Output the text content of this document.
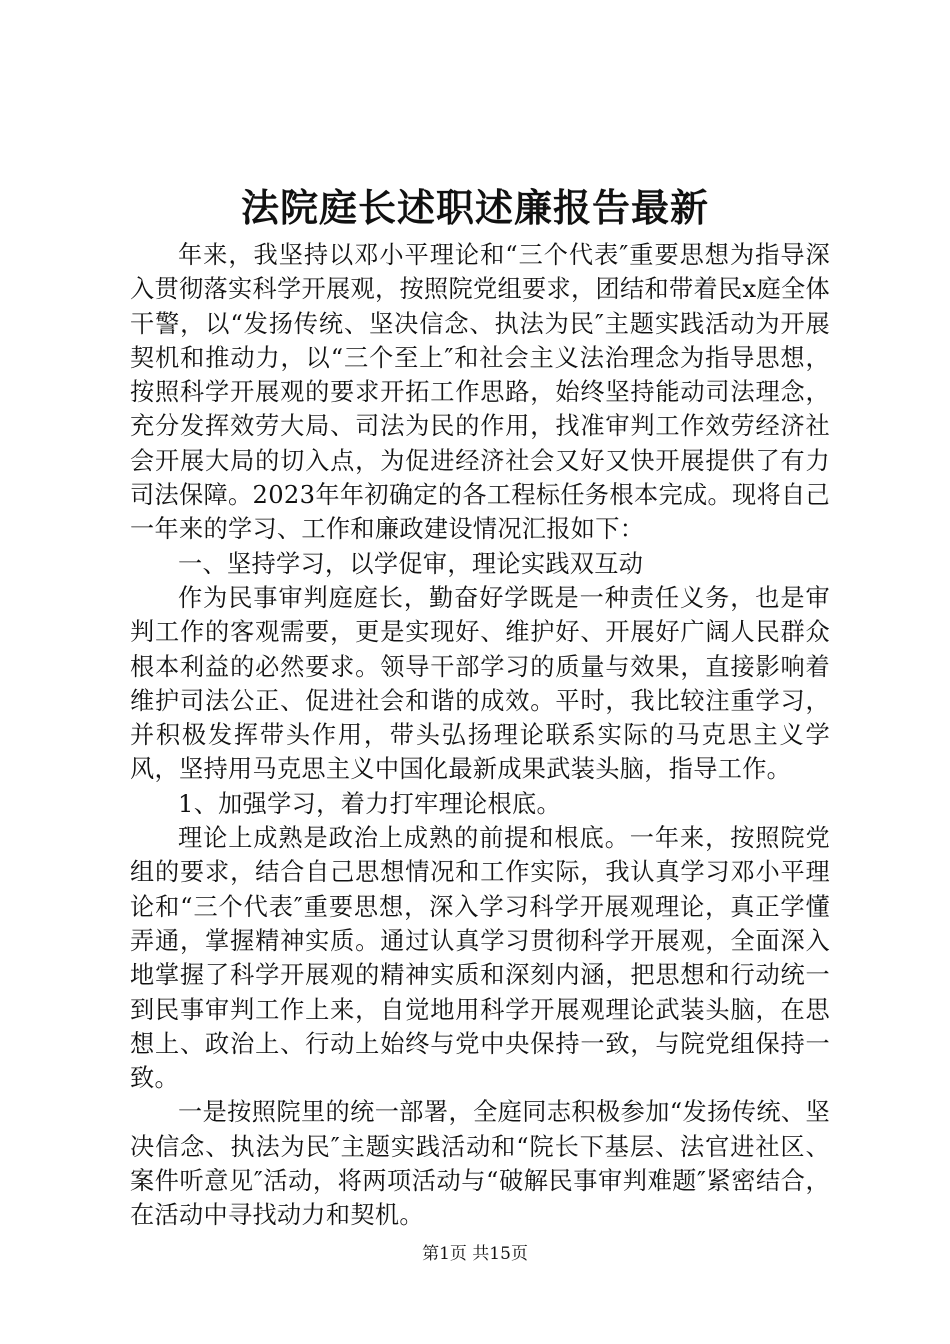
法院庭长述职述廉报告最新

年来，我坚持以邓小平理论和“三个代表″重要思想为指导深入贯彻落实科学开展观，按照院党组要求，团结和带着民x庭全体干警，以“发扬传统、坚决信念、执法为民″主题实践活动为开展契机和推动力，以“三个至上″和社会主义法治理念为指导思想，按照科学开展观的要求开拓工作思路，始终坚持能动司法理念，充分发挥效劳大局、司法为民的作用，找准审判工作效劳经济社会开展大局的切入点，为促进经济社会又好又快开展提供了有力司法保障。2023年年初确定的各工程标任务根本完成。现将自己一年来的学习、工作和廉政建设情况汇报如下：

一、坚持学习，以学促审，理论实践双互动

作为民事审判庭庭长，勤奋好学既是一种责任义务，也是审判工作的客观需要，更是实现好、维护好、开展好广阔人民群众根本利益的必然要求。领导干部学习的质量与效果，直接影响着维护司法公正、促进社会和谐的成效。平时，我比较注重学习，并积极发挥带头作用，带头弘扬理论联系实际的马克思主义学风，坚持用马克思主义中国化最新成果武装头脑，指导工作。

1、加强学习，着力打牢理论根底。

理论上成熟是政治上成熟的前提和根底。一年来，按照院党组的要求，结合自己思想情况和工作实际，我认真学习邓小平理论和“三个代表″重要思想，深入学习科学开展观理论，真正学懂弄通，掌握精神实质。通过认真学习贯彻科学开展观，全面深入地掌握了科学开展观的精神实质和深刻内涵，把思想和行动统一到民事审判工作上来，自觉地用科学开展观理论武装头脑，在思想上、政治上、行动上始终与党中央保持一致，与院党组保持一致。

一是按照院里的统一部署，全庭同志积极参加“发扬传统、坚决信念、执法为民″主题实践活动和“院长下基层、法官进社区、案件听意见″活动，将两项活动与“破解民事审判难题″紧密结合，在活动中寻找动力和契机。

第1页 共15页
